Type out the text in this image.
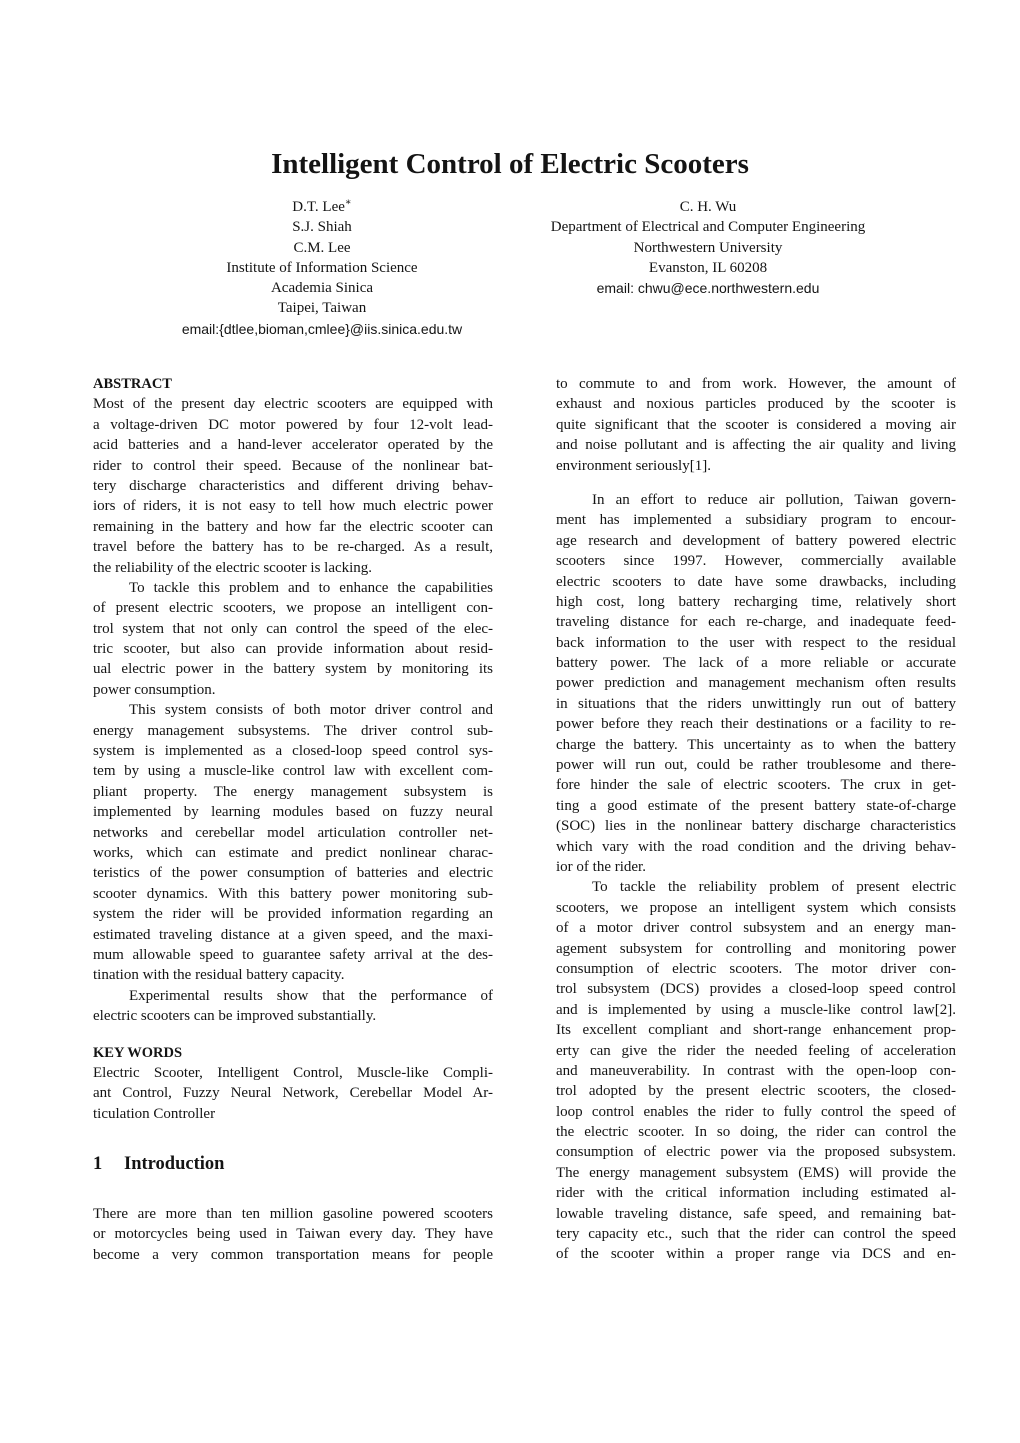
Intelligent Control of Electric Scooters
D.T. Lee∗
S.J. Shiah
C.M. Lee
Institute of Information Science
Academia Sinica
Taipei, Taiwan
email:{dtlee,bioman,cmlee}@iis.sinica.edu.tw
C. H. Wu
Department of Electrical and Computer Engineering
Northwestern University
Evanston, IL 60208
email: chwu@ece.northwestern.edu
ABSTRACT
Most of the present day electric scooters are equipped with
a voltage-driven DC motor powered by four 12-volt lead-
acid batteries and a hand-lever accelerator operated by the
rider to control their speed. Because of the nonlinear bat-
tery discharge characteristics and different driving behav-
iors of riders, it is not easy to tell how much electric power
remaining in the battery and how far the electric scooter can
travel before the battery has to be re-charged. As a result,
the reliability of the electric scooter is lacking.
To tackle this problem and to enhance the capabilities
of present electric scooters, we propose an intelligent con-
trol system that not only can control the speed of the elec-
tric scooter, but also can provide information about resid-
ual electric power in the battery system by monitoring its
power consumption.
This system consists of both motor driver control and
energy management subsystems. The driver control sub-
system is implemented as a closed-loop speed control sys-
tem by using a muscle-like control law with excellent com-
pliant property. The energy management subsystem is
implemented by learning modules based on fuzzy neural
networks and cerebellar model articulation controller net-
works, which can estimate and predict nonlinear charac-
teristics of the power consumption of batteries and electric
scooter dynamics. With this battery power monitoring sub-
system the rider will be provided information regarding an
estimated traveling distance at a given speed, and the maxi-
mum allowable speed to guarantee safety arrival at the des-
tination with the residual battery capacity.
Experimental results show that the performance of
electric scooters can be improved substantially.
KEY WORDS
Electric Scooter, Intelligent Control, Muscle-like Compli-
ant Control, Fuzzy Neural Network, Cerebellar Model Ar-
ticulation Controller
1 Introduction
There are more than ten million gasoline powered scooters
or motorcycles being used in Taiwan every day. They have
become a very common transportation means for people
to commute to and from work. However, the amount of
exhaust and noxious particles produced by the scooter is
quite significant that the scooter is considered a moving air
and noise pollutant and is affecting the air quality and living
environment seriously[1].
In an effort to reduce air pollution, Taiwan govern-
ment has implemented a subsidiary program to encour-
age research and development of battery powered electric
scooters since 1997. However, commercially available
electric scooters to date have some drawbacks, including
high cost, long battery recharging time, relatively short
traveling distance for each re-charge, and inadequate feed-
back information to the user with respect to the residual
battery power. The lack of a more reliable or accurate
power prediction and management mechanism often results
in situations that the riders unwittingly run out of battery
power before they reach their destinations or a facility to re-
charge the battery. This uncertainty as to when the battery
power will run out, could be rather troublesome and there-
fore hinder the sale of electric scooters. The crux in get-
ting a good estimate of the present battery state-of-charge
(SOC) lies in the nonlinear battery discharge characteristics
which vary with the road condition and the driving behav-
ior of the rider.
To tackle the reliability problem of present electric
scooters, we propose an intelligent system which consists
of a motor driver control subsystem and an energy man-
agement subsystem for controlling and monitoring power
consumption of electric scooters. The motor driver con-
trol subsystem (DCS) provides a closed-loop speed control
and is implemented by using a muscle-like control law[2].
Its excellent compliant and short-range enhancement prop-
erty can give the rider the needed feeling of acceleration
and maneuverability. In contrast with the open-loop con-
trol adopted by the present electric scooters, the closed-
loop control enables the rider to fully control the speed of
the electric scooter. In so doing, the rider can control the
consumption of electric power via the proposed subsystem.
The energy management subsystem (EMS) will provide the
rider with the critical information including estimated al-
lowable traveling distance, safe speed, and remaining bat-
tery capacity etc., such that the rider can control the speed
of the scooter within a proper range via DCS and en-
